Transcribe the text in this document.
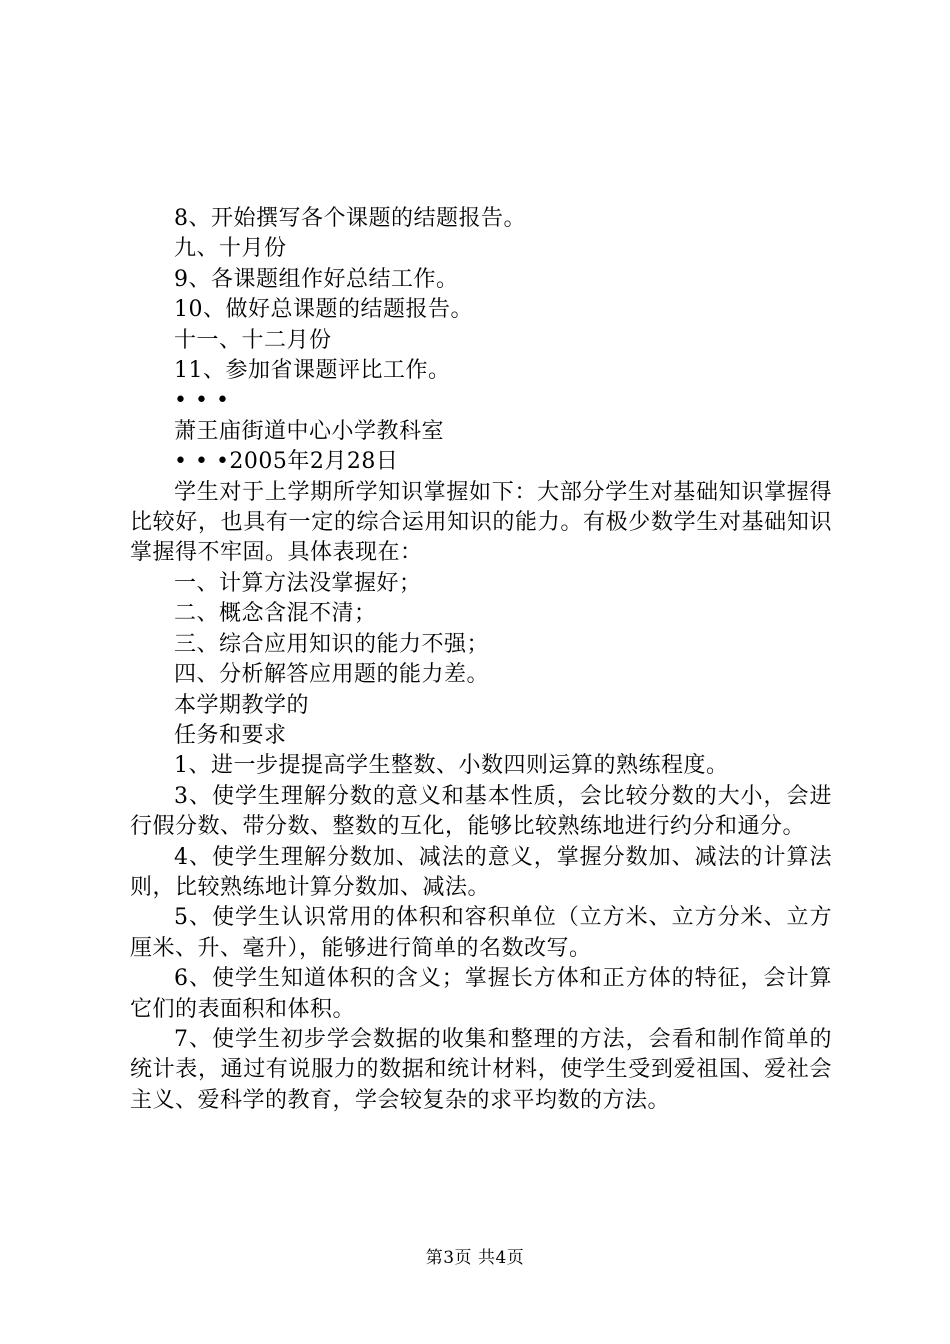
8、开始撰写各个课题的结题报告。
九、十月份
9、各课题组作好总结工作。
10、做好总课题的结题报告。
十一、十二月份
11、参加省课题评比工作。
• • •
萧王庙街道中心小学教科室
• • •2005年2月28日
学生对于上学期所学知识掌握如下：大部分学生对基础知识掌握得比较好，也具有一定的综合运用知识的能力。有极少数学生对基础知识掌握得不牢固。具体表现在：
一、计算方法没掌握好；
二、概念含混不清；
三、综合应用知识的能力不强；
四、分析解答应用题的能力差。
本学期教学的
任务和要求
1、进一步提提高学生整数、小数四则运算的熟练程度。
3、使学生理解分数的意义和基本性质，会比较分数的大小，会进行假分数、带分数、整数的互化，能够比较熟练地进行约分和通分。
4、使学生理解分数加、减法的意义，掌握分数加、减法的计算法则，比较熟练地计算分数加、减法。
5、使学生认识常用的体积和容积单位（立方米、立方分米、立方厘米、升、毫升），能够进行简单的名数改写。
6、使学生知道体积的含义；掌握长方体和正方体的特征，会计算它们的表面积和体积。
7、使学生初步学会数据的收集和整理的方法，会看和制作简单的统计表，通过有说服力的数据和统计材料，使学生受到爱祖国、爱社会主义、爱科学的教育，学会较复杂的求平均数的方法。
第3页 共4页
